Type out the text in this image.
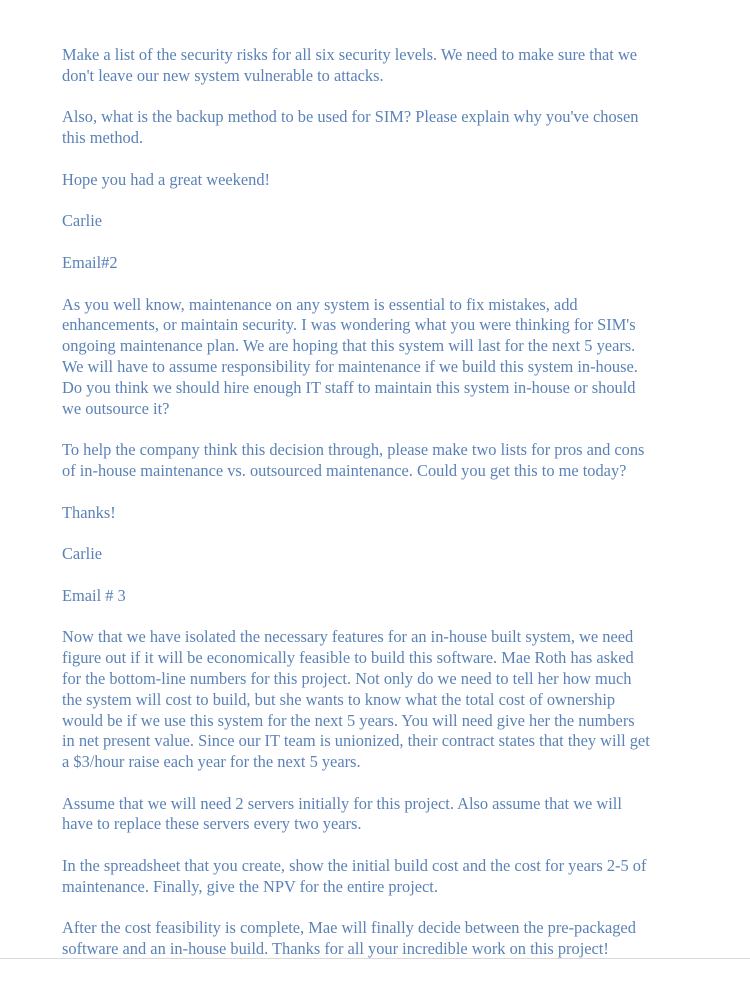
Make a list of the security risks for all six security levels. We need to make sure that we
don't leave our new system vulnerable to attacks.

Also, what is the backup method to be used for SIM? Please explain why you've chosen
this method.

Hope you had a great weekend!

Carlie

Email#2

As you well know, maintenance on any system is essential to fix mistakes, add
enhancements, or maintain security. I was wondering what you were thinking for SIM's
ongoing maintenance plan. We are hoping that this system will last for the next 5 years.
We will have to assume responsibility for maintenance if we build this system in-house.
Do you think we should hire enough IT staff to maintain this system in-house or should
we outsource it?

To help the company think this decision through, please make two lists for pros and cons
of in-house maintenance vs. outsourced maintenance. Could you get this to me today?

Thanks!

Carlie

Email # 3

Now that we have isolated the necessary features for an in-house built system, we need
figure out if it will be economically feasible to build this software. Mae Roth has asked
for the bottom-line numbers for this project. Not only do we need to tell her how much
the system will cost to build, but she wants to know what the total cost of ownership
would be if we use this system for the next 5 years. You will need give her the numbers
in net present value. Since our IT team is unionized, their contract states that they will get
a $3/hour raise each year for the next 5 years.

Assume that we will need 2 servers initially for this project. Also assume that we will
have to replace these servers every two years.

In the spreadsheet that you create, show the initial build cost and the cost for years 2-5 of
maintenance. Finally, give the NPV for the entire project.

After the cost feasibility is complete, Mae will finally decide between the pre-packaged
software and an in-house build. Thanks for all your incredible work on this project!
